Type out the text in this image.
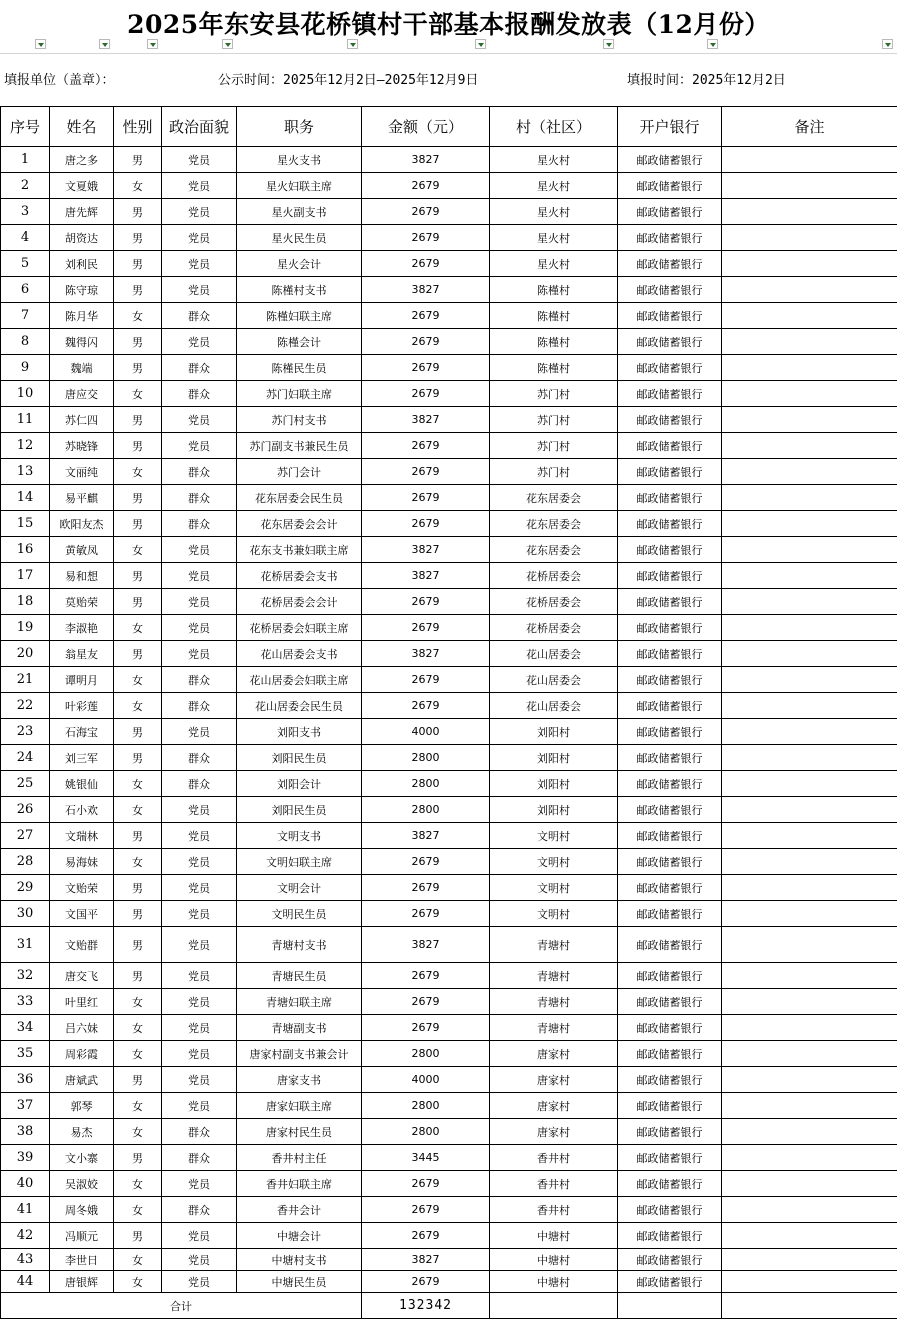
2025年东安县花桥镇村干部基本报酬发放表（12月份）
填报单位（盖章）：	公示时间：2025年12月2日—2025年12月9日	填报时间：2025年12月2日
序号	姓名	性别	政治面貌	职务	金额（元）	村（社区）	开户银行	备注
1	唐之多	男	党员	星火支书	3827	星火村	邮政储蓄银行	
2	文夏娥	女	党员	星火妇联主席	2679	星火村	邮政储蓄银行	
3	唐先辉	男	党员	星火副支书	2679	星火村	邮政储蓄银行	
4	胡资达	男	党员	星火民生员	2679	星火村	邮政储蓄银行	
5	刘利民	男	党员	星火会计	2679	星火村	邮政储蓄银行	
6	陈守琼	男	党员	陈槿村支书	3827	陈槿村	邮政储蓄银行	
7	陈月华	女	群众	陈槿妇联主席	2679	陈槿村	邮政储蓄银行	
8	魏得闪	男	党员	陈槿会计	2679	陈槿村	邮政储蓄银行	
9	魏端	男	群众	陈槿民生员	2679	陈槿村	邮政储蓄银行	
10	唐应交	女	群众	苏门妇联主席	2679	苏门村	邮政储蓄银行	
11	苏仁四	男	党员	苏门村支书	3827	苏门村	邮政储蓄银行	
12	苏晓锋	男	党员	苏门副支书兼民生员	2679	苏门村	邮政储蓄银行	
13	文丽纯	女	群众	苏门会计	2679	苏门村	邮政储蓄银行	
14	易平麒	男	群众	花东居委会民生员	2679	花东居委会	邮政储蓄银行	
15	欧阳友杰	男	群众	花东居委会会计	2679	花东居委会	邮政储蓄银行	
16	黄敏凤	女	党员	花东支书兼妇联主席	3827	花东居委会	邮政储蓄银行	
17	易和想	男	党员	花桥居委会支书	3827	花桥居委会	邮政储蓄银行	
18	莫贻荣	男	党员	花桥居委会会计	2679	花桥居委会	邮政储蓄银行	
19	李淑艳	女	党员	花桥居委会妇联主席	2679	花桥居委会	邮政储蓄银行	
20	翁星友	男	党员	花山居委会支书	3827	花山居委会	邮政储蓄银行	
21	谭明月	女	群众	花山居委会妇联主席	2679	花山居委会	邮政储蓄银行	
22	叶彩莲	女	群众	花山居委会民生员	2679	花山居委会	邮政储蓄银行	
23	石海宝	男	党员	刘阳支书	4000	刘阳村	邮政储蓄银行	
24	刘三军	男	群众	刘阳民生员	2800	刘阳村	邮政储蓄银行	
25	姚银仙	女	群众	刘阳会计	2800	刘阳村	邮政储蓄银行	
26	石小欢	女	党员	刘阳民生员	2800	刘阳村	邮政储蓄银行	
27	文瑞林	男	党员	文明支书	3827	文明村	邮政储蓄银行	
28	易海妹	女	党员	文明妇联主席	2679	文明村	邮政储蓄银行	
29	文贻荣	男	党员	文明会计	2679	文明村	邮政储蓄银行	
30	文国平	男	党员	文明民生员	2679	文明村	邮政储蓄银行	
31	文贻群	男	党员	青塘村支书	3827	青塘村	邮政储蓄银行	
32	唐交飞	男	党员	青塘民生员	2679	青塘村	邮政储蓄银行	
33	叶里红	女	党员	青塘妇联主席	2679	青塘村	邮政储蓄银行	
34	吕六妹	女	党员	青塘副支书	2679	青塘村	邮政储蓄银行	
35	周彩霞	女	党员	唐家村副支书兼会计	2800	唐家村	邮政储蓄银行	
36	唐斌武	男	党员	唐家支书	4000	唐家村	邮政储蓄银行	
37	郭琴	女	党员	唐家妇联主席	2800	唐家村	邮政储蓄银行	
38	易杰	女	群众	唐家村民生员	2800	唐家村	邮政储蓄银行	
39	文小寨	男	群众	香井村主任	3445	香井村	邮政储蓄银行	
40	吴淑姣	女	党员	香井妇联主席	2679	香井村	邮政储蓄银行	
41	周冬娥	女	群众	香井会计	2679	香井村	邮政储蓄银行	
42	冯顺元	男	党员	中塘会计	2679	中塘村	邮政储蓄银行	
43	李世日	女	党员	中塘村支书	3827	中塘村	邮政储蓄银行	
44	唐银辉	女	党员	中塘民生员	2679	中塘村	邮政储蓄银行	
合计					132342			
